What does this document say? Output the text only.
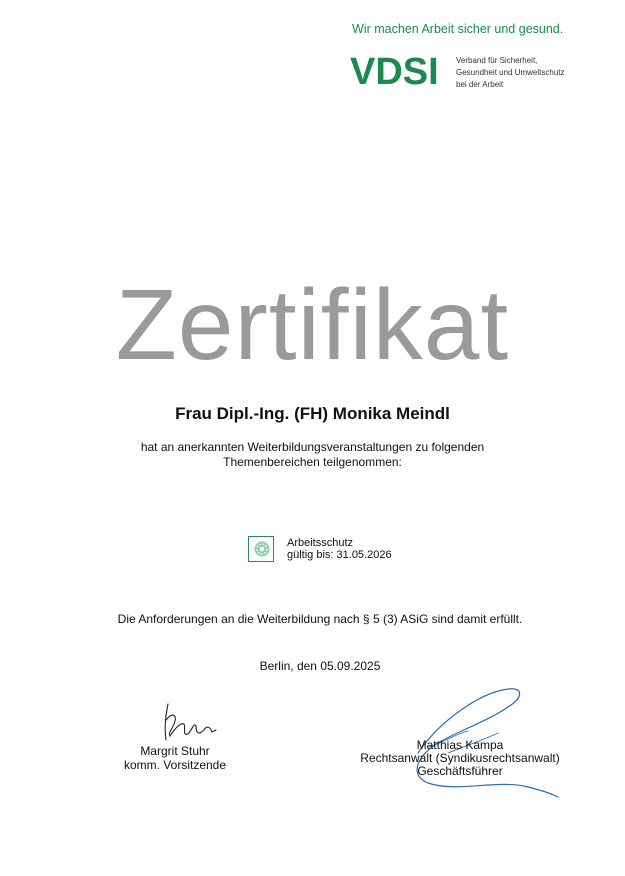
Wir machen Arbeit sicher und gesund.
VDSI Verband für Sicherheit,
Gesundheit und Umweltschutz
bei der Arbeit
Zertifikat
Frau Dipl.-Ing. (FH) Monika Meindl
hat an anerkannten Weiterbildungsveranstaltungen zu folgenden
Themenbereichen teilgenommen:
Arbeitsschutz
gültig bis: 31.05.2026
Die Anforderungen an die Weiterbildung nach § 5 (3) ASiG sind damit erfüllt.
Berlin, den 05.09.2025
Margrit Stuhr
komm. Vorsitzende
Matthias Kampa
Rechtsanwalt (Syndikusrechtsanwalt)
Geschäftsführer
